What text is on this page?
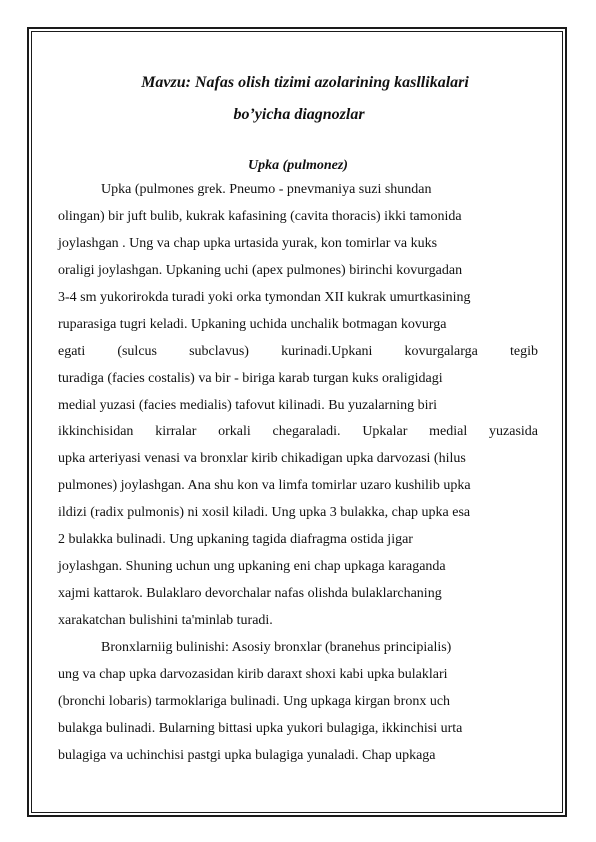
Mavzu: Nafas olish tizimi azolarining kasllikalari
bo’yicha diagnozlar
Upka (pulmonez)
Upka (pulmones grek. Pneumo - pnevmaniya suzi shundan
olingan) bir juft bulib, kukrak kafasining (cavita thoracis) ikki tamonida
joylashgan . Ung va chap upka urtasida yurak, kon tomirlar va kuks
oraligi joylashgan. Upkaning uchi (apex pulmones) birinchi kovurgadan
3-4 sm yukorirokda turadi yoki orka tymondan XII kukrak umurtkasining
ruparasiga tugri keladi. Upkaning uchida unchalik botmagan kovurga
egati (sulcus subclavus) kurinadi.Upkani kovurgalarga tegib
turadiga (facies costalis) va bir - biriga karab turgan kuks oraligidagi
medial yuzasi (facies medialis) tafovut kilinadi. Bu yuzalarning biri
ikkinchisidan kirralar orkali chegaraladi. Upkalar medial yuzasida
upka arteriyasi venasi va bronxlar kirib chikadigan upka darvozasi (hilus
pulmones) joylashgan. Ana shu kon va limfa tomirlar uzaro kushilib upka
ildizi (radix pulmonis) ni xosil kiladi. Ung upka 3 bulakka, chap upka esa
2 bulakka bulinadi. Ung upkaning tagida diafragma ostida jigar
joylashgan. Shuning uchun ung upkaning eni chap upkaga karaganda
xajmi kattarok. Bulaklaro devorchalar nafas olishda bulaklarchaning
xarakatchan bulishini ta'minlab turadi.
Bronxlarniig bulinishi: Asosiy bronxlar (branehus principialis)
ung va chap upka darvozasidan kirib daraxt shoxi kabi upka bulaklari
(bronchi lobaris) tarmoklariga bulinadi. Ung upkaga kirgan bronx uch
bulakga bulinadi. Bularning bittasi upka yukori bulagiga, ikkinchisi urta
bulagiga va uchinchisi pastgi upka bulagiga yunaladi. Chap upkaga
